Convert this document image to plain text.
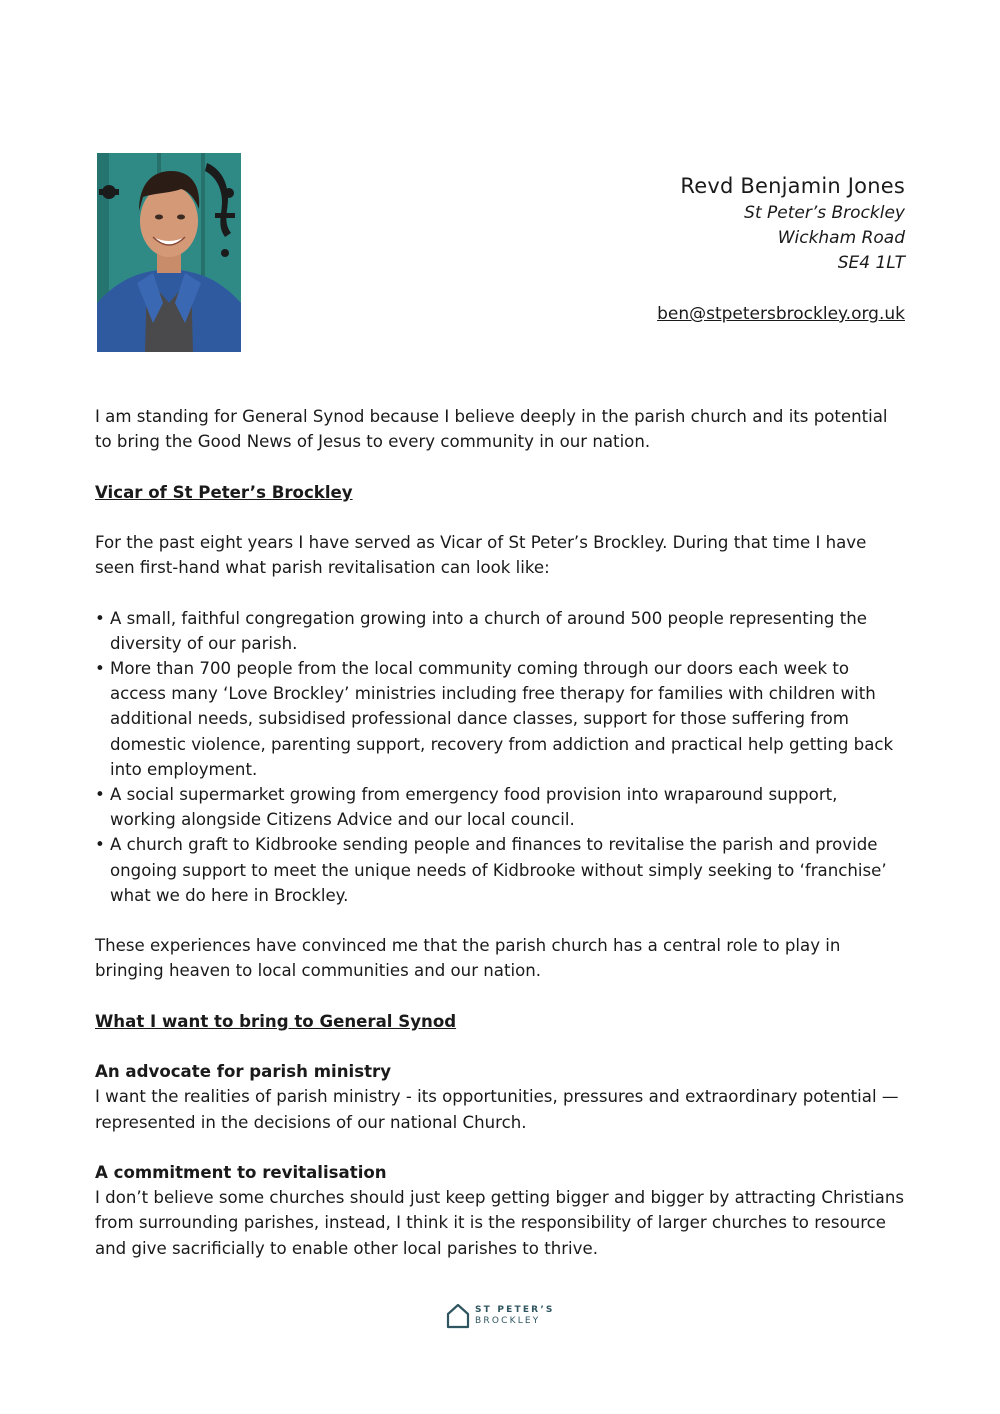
Revd Benjamin Jones
St Peter’s Brockley
Wickham Road
SE4 1LT
ben@stpetersbrockley.org.uk

I am standing for General Synod because I believe deeply in the parish church and its potential to bring the Good News of Jesus to every community in our nation.

Vicar of St Peter’s Brockley

For the past eight years I have served as Vicar of St Peter’s Brockley. During that time I have seen first-hand what parish revitalisation can look like:

• A small, faithful congregation growing into a church of around 500 people representing the diversity of our parish.
• More than 700 people from the local community coming through our doors each week to access many ‘Love Brockley’ ministries including free therapy for families with children with additional needs, subsidised professional dance classes, support for those suffering from domestic violence, parenting support, recovery from addiction and practical help getting back into employment.
• A social supermarket growing from emergency food provision into wraparound support, working alongside Citizens Advice and our local council.
• A church graft to Kidbrooke sending people and finances to revitalise the parish and provide ongoing support to meet the unique needs of Kidbrooke without simply seeking to ‘franchise’ what we do here in Brockley.

These experiences have convinced me that the parish church has a central role to play in bringing heaven to local communities and our nation.

What I want to bring to General Synod

An advocate for parish ministry

I want the realities of parish ministry - its opportunities, pressures and extraordinary potential — represented in the decisions of our national Church.

A commitment to revitalisation

I don’t believe some churches should just keep getting bigger and bigger by attracting Christians from surrounding parishes, instead, I think it is the responsibility of larger churches to resource and give sacrificially to enable other local parishes to thrive.

ST PETER’S
BROCKLEY
